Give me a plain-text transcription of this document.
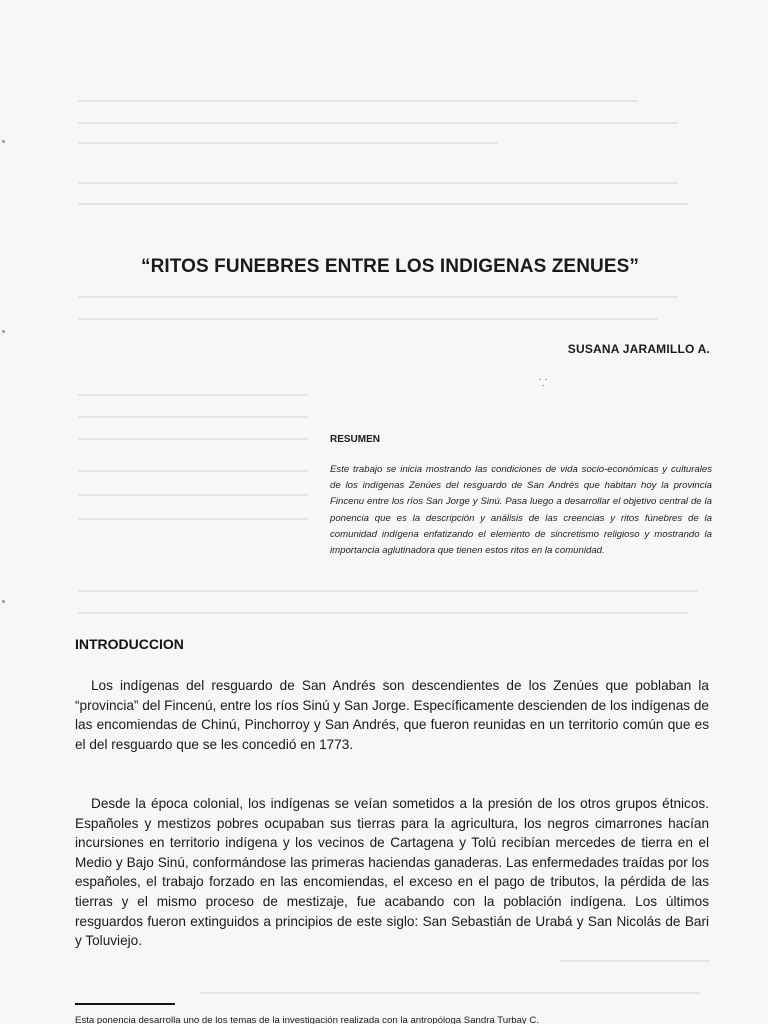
“RITOS FUNEBRES ENTRE LOS INDIGENAS ZENUES”
SUSANA JARAMILLO A.
⸪
RESUMEN

Este trabajo se inicia mostrando las condiciones de vida socio-económicas y culturales de los indígenas Zenúes del resguardo de San Andrés que habitan hoy la provincia Fincenu entre los ríos San Jorge y Sinú. Pasa luego a desarrollar el objetivo central de la ponencia que es la descripción y análisis de las creencias y ritos fúnebres de la comunidad indígena enfatizando el elemento de sincretismo religioso y mostrando la importancia aglutinadora que tienen estos ritos en la comunidad.

INTRODUCCION

Los indígenas del resguardo de San Andrés son descendientes de los Zenúes que poblaban la “provincia” del Fincenú, entre los ríos Sinú y San Jorge. Específicamente descienden de los indígenas de las encomiendas de Chinú, Pinchorroy y San Andrés, que fueron reunidas en un territorio común que es el del resguardo que se les concedió en 1773.

Desde la época colonial, los indígenas se veían sometidos a la presión de los otros grupos étnicos. Españoles y mestizos pobres ocupaban sus tierras para la agricultura, los negros cimarrones hacían incursiones en territorio indígena y los vecinos de Cartagena y Tolú recibían mercedes de tierra en el Medio y Bajo Sinú, conformándose las primeras haciendas ganaderas. Las enfermedades traídas por los españoles, el trabajo forzado en las encomiendas, el exceso en el pago de tributos, la pérdida de las tierras y el mismo proceso de mestizaje, fue acabando con la población indígena. Los últimos resguardos fueron extinguidos a principios de este siglo: San Sebastián de Urabá y San Nicolás de Bari y Toluviejo.

Esta ponencia desarrolla uno de los temas de la investigación realizada con la antropóloga Sandra Turbay C.
